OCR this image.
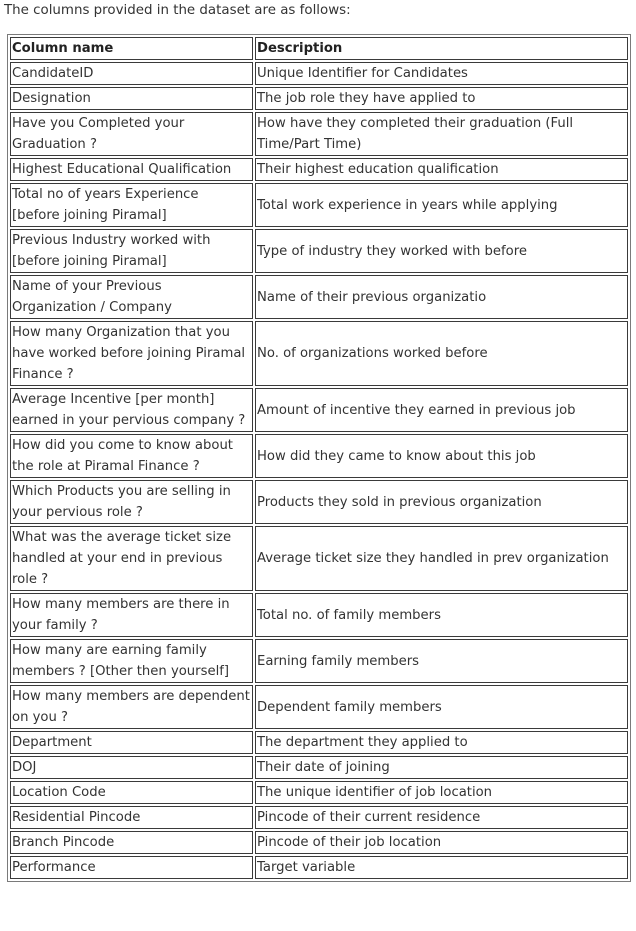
The columns provided in the dataset are as follows:
Column name	Description
CandidateID	Unique Identifier for Candidates
Designation	The job role they have applied to
Have you Completed your Graduation ?	How have they completed their graduation (Full Time/Part Time)
Highest Educational Qualification	Their highest education qualification
Total no of years Experience [before joining Piramal]	Total work experience in years while applying
Previous Industry worked with [before joining Piramal]	Type of industry they worked with before
Name of your Previous Organization / Company	Name of their previous organizatio
How many Organization that you have worked before joining Piramal Finance ?	No. of organizations worked before
Average Incentive [per month] earned in your pervious company ?	Amount of incentive they earned in previous job
How did you come to know about the role at Piramal Finance ?	How did they came to know about this job
Which Products you are selling in your pervious role ?	Products they sold in previous organization
What was the average ticket size handled at your end in previous role ?	Average ticket size they handled in prev organization
How many members are there in your family ?	Total no. of family members
How many are earning family members ? [Other then yourself]	Earning family members
How many members are dependent on you ?	Dependent family members
Department	The department they applied to
DOJ	Their date of joining
Location Code	The unique identifier of job location
Residential Pincode	Pincode of their current residence
Branch Pincode	Pincode of their job location
Performance	Target variable
